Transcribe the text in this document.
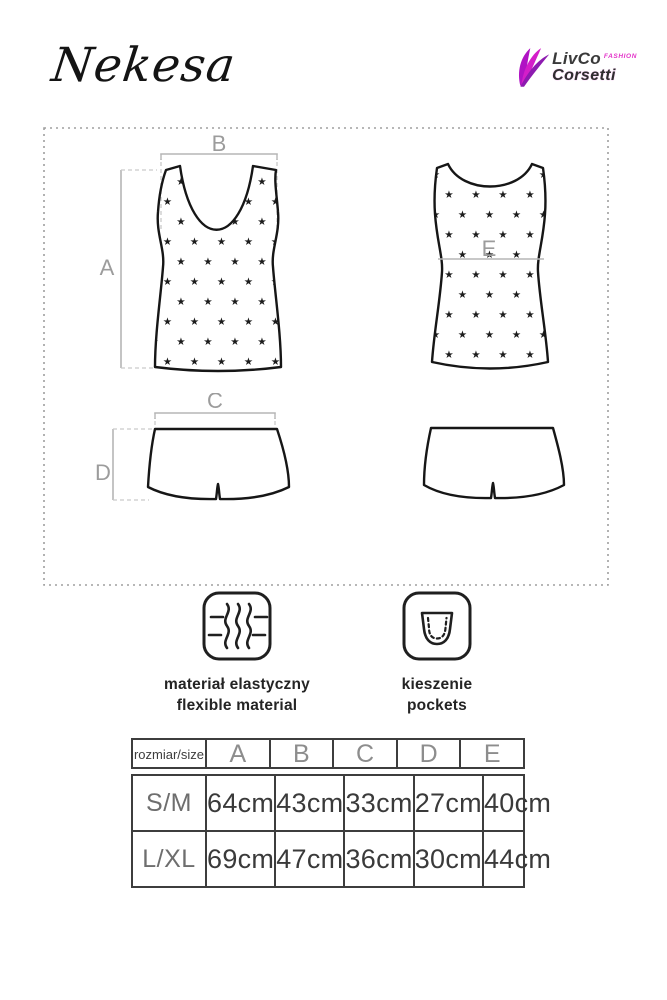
Nekesa	LivCo FASHION
Corsetti
A
B
E
C
D
materiał elastyczny
flexible material
kieszenie
pockets
rozmiar/size	A	B	C	D	E
S/M 64cm 43cm 33cm 27cm 40cm
L/XL 69cm 47cm 36cm 30cm 44cm
